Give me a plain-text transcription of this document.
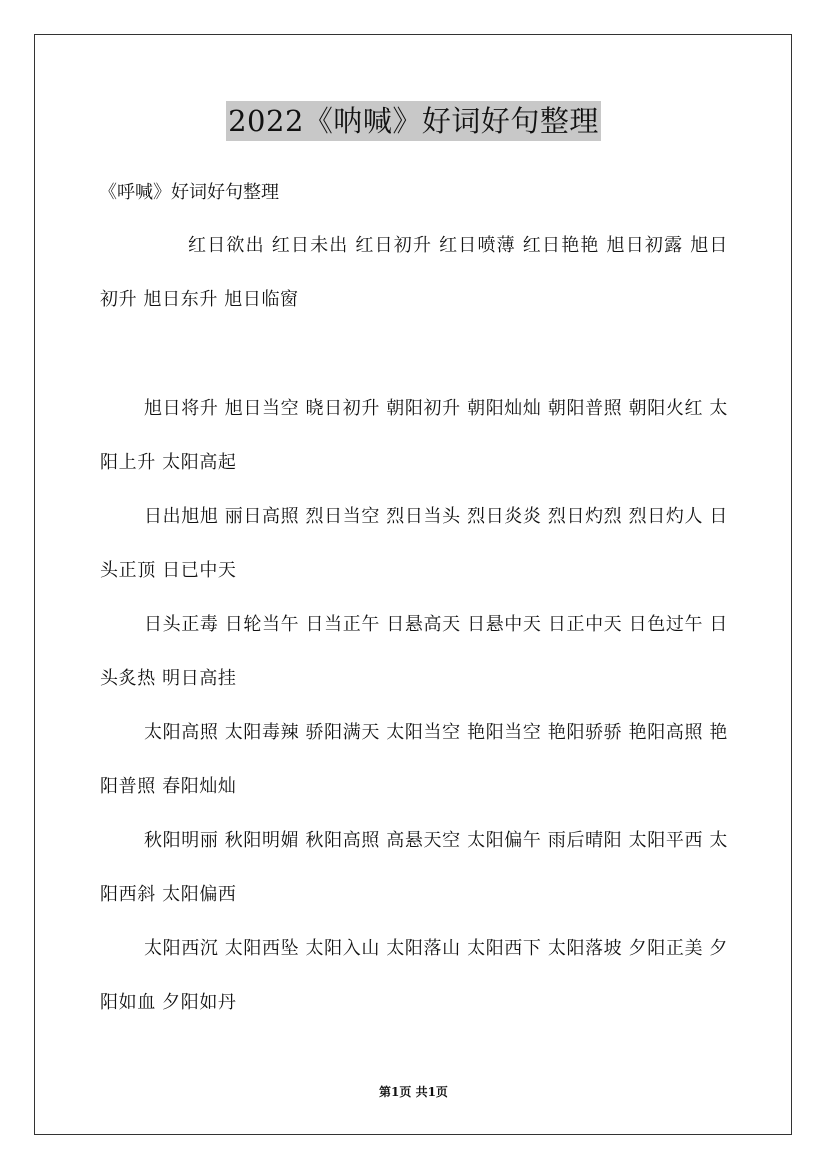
2022《呐喊》好词好句整理
《呼喊》好词好句整理

红日欲出 红日未出 红日初升 红日喷薄 红日艳艳 旭日初露 旭日初升 旭日东升 旭日临窗

旭日将升 旭日当空 晓日初升 朝阳初升 朝阳灿灿 朝阳普照 朝阳火红 太阳上升 太阳高起

日出旭旭 丽日高照 烈日当空 烈日当头 烈日炎炎 烈日灼烈 烈日灼人 日头正顶 日已中天

日头正毒 日轮当午 日当正午 日悬高天 日悬中天 日正中天 日色过午 日头炙热 明日高挂

太阳高照 太阳毒辣 骄阳满天 太阳当空 艳阳当空 艳阳骄骄 艳阳高照 艳阳普照 春阳灿灿

秋阳明丽 秋阳明媚 秋阳高照 高悬天空 太阳偏午 雨后晴阳 太阳平西 太阳西斜 太阳偏西

太阳西沉 太阳西坠 太阳入山 太阳落山 太阳西下 太阳落坡 夕阳正美 夕阳如血 夕阳如丹

第1页 共1页
